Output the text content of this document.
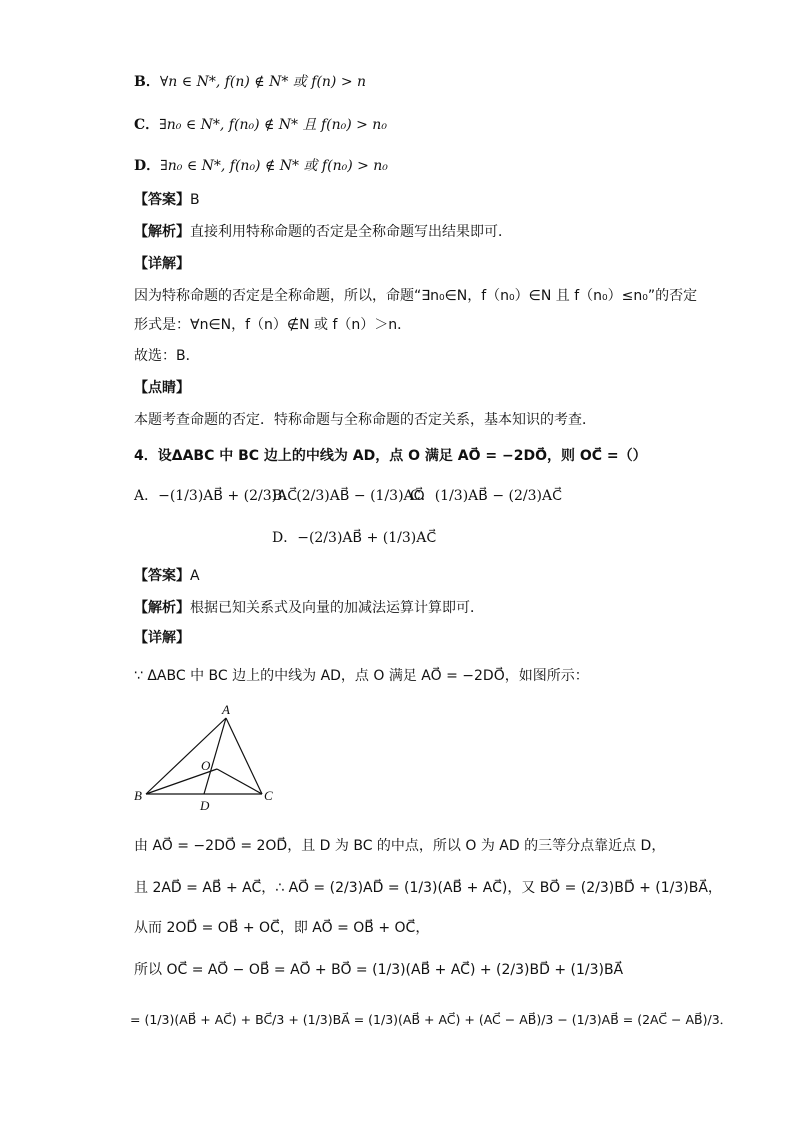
B．∀n ∈ N*, f(n) ∉ N* 或 f(n) > n
C．∃n₀ ∈ N*, f(n₀) ∉ N* 且 f(n₀) > n₀
D．∃n₀ ∈ N*, f(n₀) ∉ N* 或 f(n₀) > n₀
【答案】B
【解析】直接利用特称命题的否定是全称命题写出结果即可．
【详解】
因为特称命题的否定是全称命题，所以，命题“∃n₀∈N，f（n₀）∈N 且 f（n₀）≤n₀”的否定
形式是：∀n∈N，f（n）∉N 或 f（n）＞n．
故选：B．
【点睛】
本题考查命题的否定．特称命题与全称命题的否定关系，基本知识的考查．
4．设ΔABC 中 BC 边上的中线为 AD，点 O 满足 AO⃗ = −2DO⃗，则 OC⃗ =（）
A．−(1/3)AB⃗ + (2/3)AC⃗
B．(2/3)AB⃗ − (1/3)AO⃗
C．(1/3)AB⃗ − (2/3)AC⃗
D．−(2/3)AB⃗ + (1/3)AC⃗
【答案】A
【解析】根据已知关系式及向量的加减法运算计算即可．
【详解】
∵ ΔABC 中 BC 边上的中线为 AD，点 O 满足 AO⃗ = −2DO⃗，如图所示：
A
B	C
D
O
由 AO⃗ = −2DO⃗ = 2OD⃗，且 D 为 BC 的中点，所以 O 为 AD 的三等分点靠近点 D，
且 2AD⃗ = AB⃗ + AC⃗，∴ AO⃗ = (2/3)AD⃗ = (1/3)(AB⃗ + AC⃗)，又 BO⃗ = (2/3)BD⃗ + (1/3)BA⃗，
从而 2OD⃗ = OB⃗ + OC⃗，即 AO⃗ = OB⃗ + OC⃗，
所以 OC⃗ = AO⃗ − OB⃗ = AO⃗ + BO⃗ = (1/3)(AB⃗ + AC⃗) + (2/3)BD⃗ + (1/3)BA⃗
= (1/3)(AB⃗ + AC⃗) + BC⃗/3 + (1/3)BA⃗ = (1/3)(AB⃗ + AC⃗) + (AC⃗ − AB⃗)/3 − (1/3)AB⃗ = (2AC⃗ − AB⃗)/3．
